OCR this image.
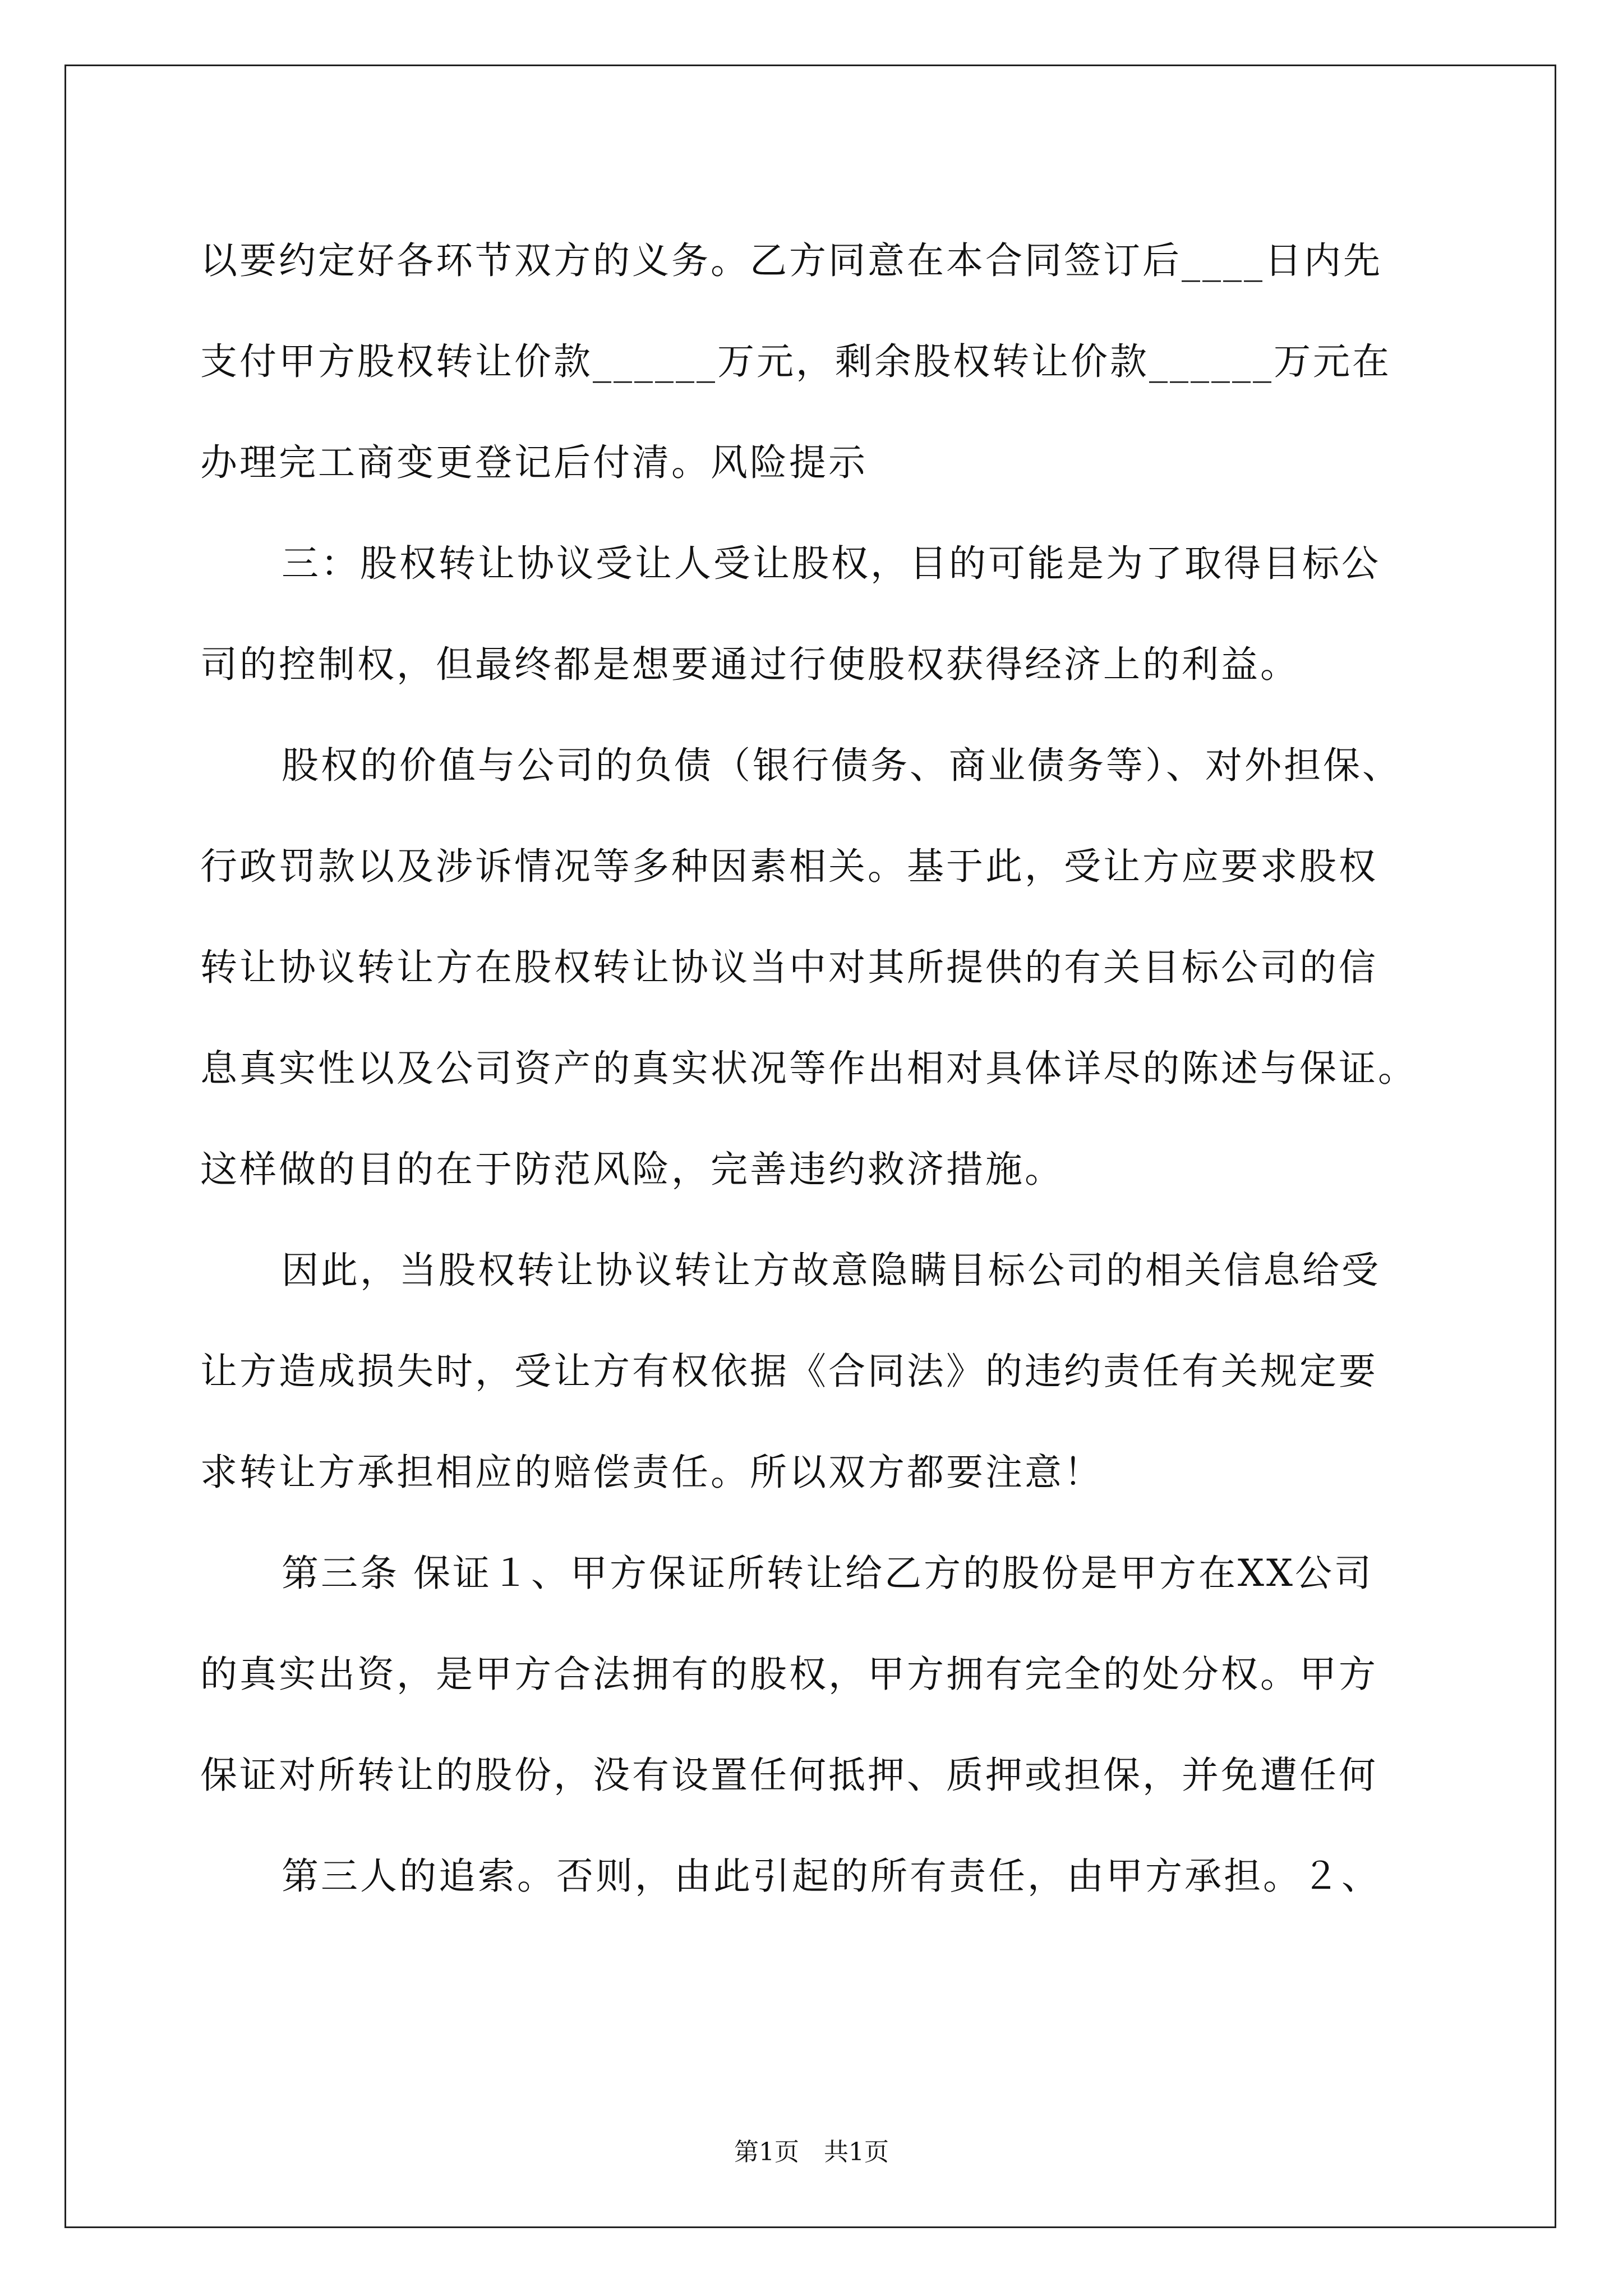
以要约定好各环节双方的义务。乙方同意在本合同签订后____日内先

支付甲方股权转让价款______万元，剩余股权转让价款______万元在

办理完工商变更登记后付清。风险提示

三：股权转让协议受让人受让股权，目的可能是为了取得目标公

司的控制权，但最终都是想要通过行使股权获得经济上的利益。

股权的价值与公司的负债（银行债务、商业债务等）、对外担保、

行政罚款以及涉诉情况等多种因素相关。基于此，受让方应要求股权

转让协议转让方在股权转让协议当中对其所提供的有关目标公司的信

息真实性以及公司资产的真实状况等作出相对具体详尽的陈述与保证。

这样做的目的在于防范风险，完善违约救济措施。

因此，当股权转让协议转让方故意隐瞒目标公司的相关信息给受

让方造成损失时，受让方有权依据《合同法》的违约责任有关规定要

求转让方承担相应的赔偿责任。所以双方都要注意！

第三条 保证１、甲方保证所转让给乙方的股份是甲方在XX公司

的真实出资，是甲方合法拥有的股权，甲方拥有完全的处分权。甲方

保证对所转让的股份，没有设置任何抵押、质押或担保，并免遭任何

第三人的追索。否则，由此引起的所有责任，由甲方承担。２、

第1页　共1页
